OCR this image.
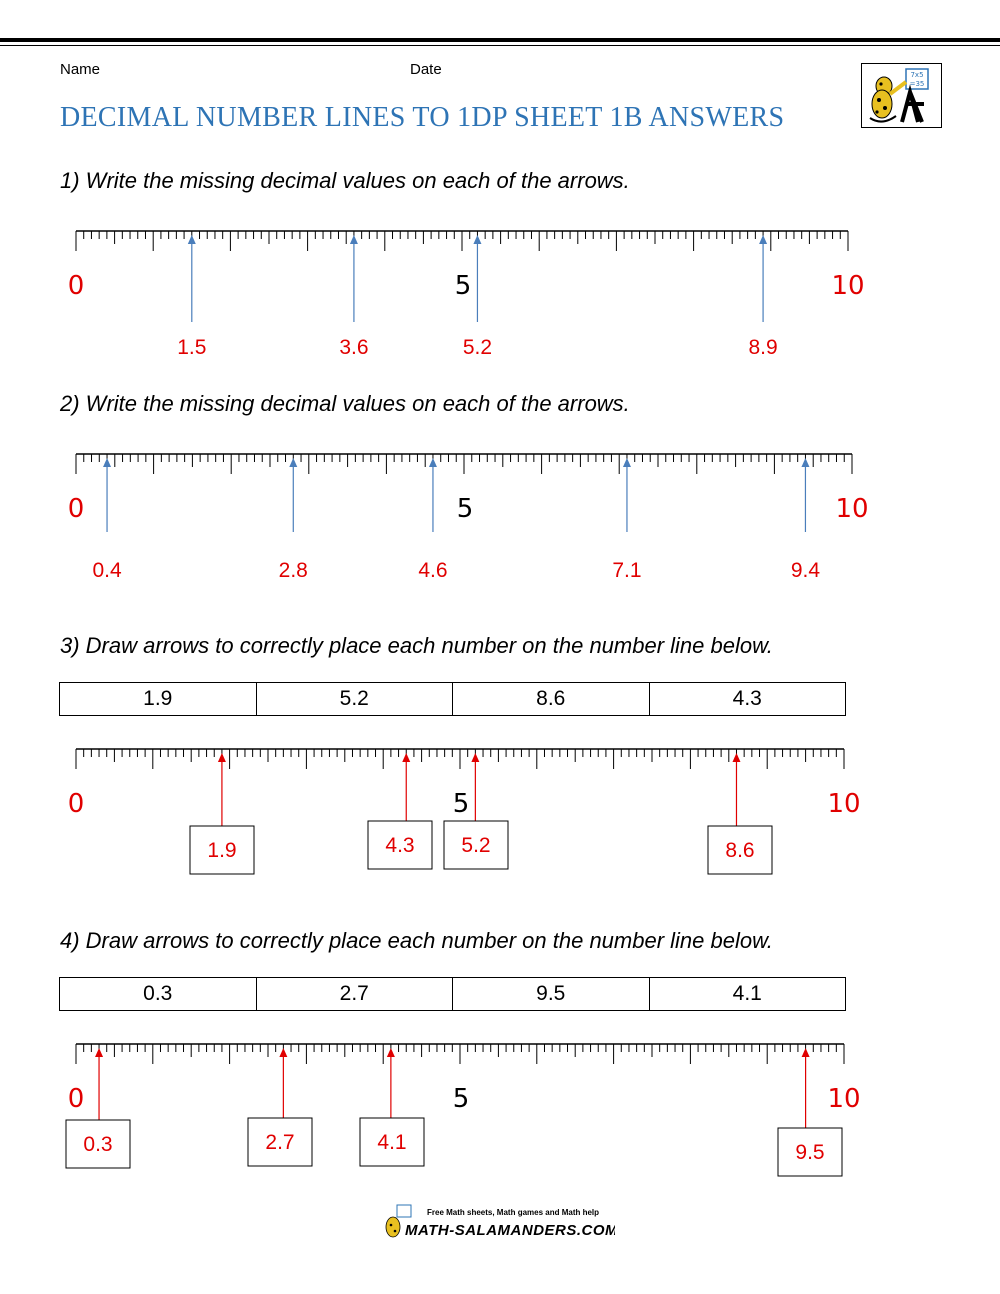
Name	Date
DECIMAL NUMBER LINES TO 1DP SHEET 1B ANSWERS
7x5
=35
1) Write the missing decimal values on each of the arrows.
2) Write the missing decimal values on each of the arrows.
3) Draw arrows to correctly place each number on the number line below.
4) Draw arrows to correctly place each number on the number line below.
1.9	5.2	8.6	4.3
0.3	2.7	9.5	4.1
0	5	10
1.5	3.6	5.2	8.9
0	5	10
0.4	2.8	4.6	7.1	9.4
0	5	10
1.9	4.3 5.2	8.6
0	5	10
0.3	2.7	4.1	9.5
Free Math sheets, Math games and Math help
MATH-SALAMANDERS.COM
